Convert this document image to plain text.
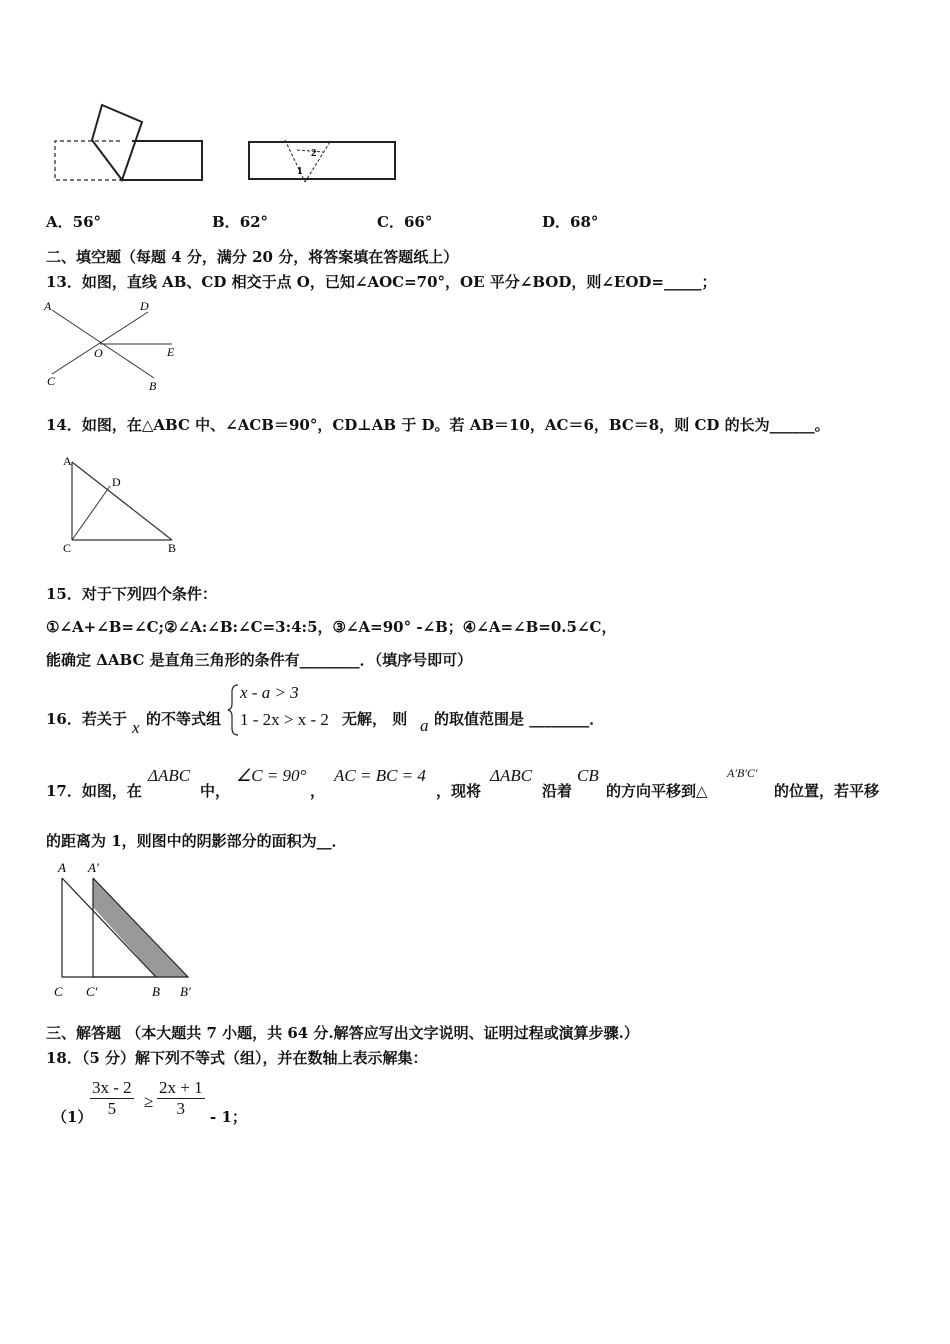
2
1
A．56°	B．62°	C．66°	D．68°
二、填空题（每题 4 分，满分 20 分，将答案填在答题纸上）
13．如图，直线 AB、CD 相交于点 O，已知∠AOC=70°，OE 平分∠BOD，则∠EOD=_____；
A	D
O	E
C	B
14．如图，在△ABC 中、∠ACB＝90°，CD⊥AB 于 D。若 AB＝10，AC＝6，BC＝8，则 CD 的长为______。
A
D
C	B
15．对于下列四个条件：
①∠A+∠B=∠C;②∠A:∠B:∠C=3:4:5，③∠A=90° -∠B；④∠A=∠B=0.5∠C，
能确定 ΔABC 是直角三角形的条件有________．（填序号即可）
16．若关于 x 的不等式组
x - a > 3
1 - 2x > x - 2 无解， 则 a 的取值范围是 ________．
17．如图，在
ΔABC
中，
∠C = 90°
，
AC = BC = 4
，现将
ΔABC
沿着
CB
的方向平移到△
A′B′C′
的位置，若平移
的距离为 1，则图中的阴影部分的面积为__．
A A′
C C′	B B′
三、解答题 （本大题共 7 小题，共 64 分.解答应写出文字说明、证明过程或演算步骤.）
18．（5 分）解下列不等式（组），并在数轴上表示解集：
（1）
$\frac{3x - 2}{5} \ge \frac{2x + 1}{3} - 1$；
